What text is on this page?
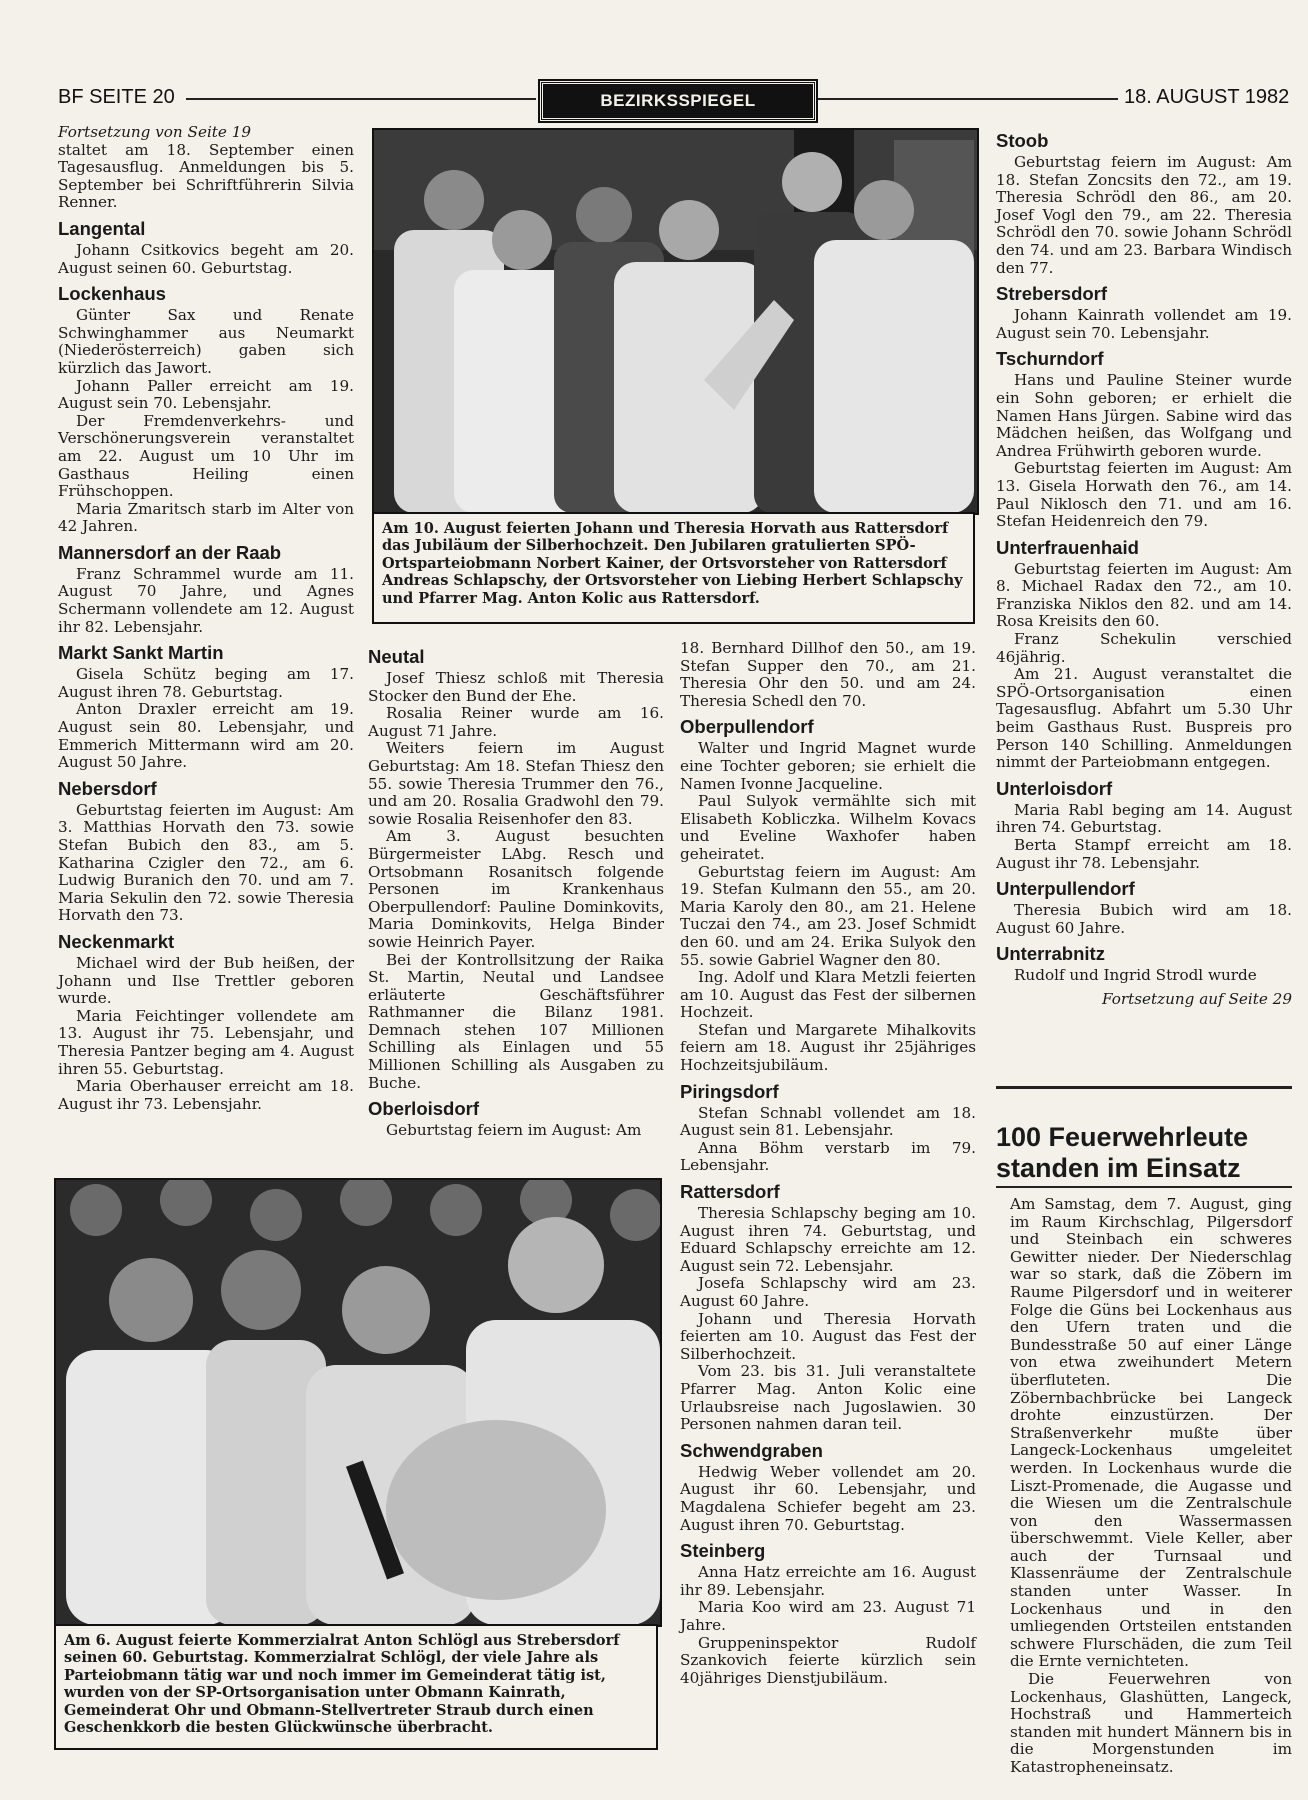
BF SEITE 20	BEZIRKSSPIEGEL	18. AUGUST 1982
Fortsetzung von Seite 19

staltet am 18. September einen Tagesausflug. Anmeldungen bis 5. September bei Schriftführerin Silvia Renner.

Langental

Johann Csitkovics begeht am 20. August seinen 60. Geburtstag.

Lockenhaus

Günter Sax und Renate Schwinghammer aus Neumarkt (Niederösterreich) gaben sich kürzlich das Jawort.

Johann Paller erreicht am 19. August sein 70. Lebensjahr.

Der Fremdenverkehrs- und Verschönerungsverein veranstaltet am 22. August um 10 Uhr im Gasthaus Heiling einen Frühschoppen.

Maria Zmaritsch starb im Alter von 42 Jahren.

Mannersdorf an der Raab

Franz Schrammel wurde am 11. August 70 Jahre, und Agnes Schermann vollendete am 12. August ihr 82. Lebensjahr.

Markt Sankt Martin

Gisela Schütz beging am 17. August ihren 78. Geburtstag.

Anton Draxler erreicht am 19. August sein 80. Lebensjahr, und Emmerich Mittermann wird am 20. August 50 Jahre.

Nebersdorf

Geburtstag feierten im August: Am 3. Matthias Horvath den 73. sowie Stefan Bubich den 83., am 5. Katharina Czigler den 72., am 6. Ludwig Buranich den 70. und am 7. Maria Sekulin den 72. sowie Theresia Horvath den 73.

Neckenmarkt

Michael wird der Bub heißen, der Johann und Ilse Trettler geboren wurde.

Maria Feichtinger vollendete am 13. August ihr 75. Lebensjahr, und Theresia Pantzer beging am 4. August ihren 55. Geburtstag.

Maria Oberhauser erreicht am 18. August ihr 73. Lebensjahr.

Am 10. August feierten Johann und Theresia Horvath aus Rattersdorf das Jubiläum der Silberhochzeit. Den Jubilaren gratulierten SPÖ-Ortsparteiobmann Norbert Kainer, der Ortsvorsteher von Rattersdorf Andreas Schlapschy, der Ortsvorsteher von Liebing Herbert Schlapschy und Pfarrer Mag. Anton Kolic aus Rattersdorf.
Neutal

Josef Thiesz schloß mit Theresia Stocker den Bund der Ehe.

Rosalia Reiner wurde am 16. August 71 Jahre.

Weiters feiern im August Geburtstag: Am 18. Stefan Thiesz den 55. sowie Theresia Trummer den 76., und am 20. Rosalia Gradwohl den 79. sowie Rosalia Reisenhofer den 83.

Am 3. August besuchten Bürgermeister LAbg. Resch und Ortsobmann Rosanitsch folgende Personen im Krankenhaus Oberpullendorf: Pauline Dominkovits, Maria Dominkovits, Helga Binder sowie Heinrich Payer.

Bei der Kontrollsitzung der Raika St. Martin, Neutal und Landsee erläuterte Geschäftsführer Rathmanner die Bilanz 1981. Demnach stehen 107 Millionen Schilling als Einlagen und 55 Millionen Schilling als Ausgaben zu Buche.

Oberloisdorf

Geburtstag feiern im August: Am

18. Bernhard Dillhof den 50., am 19. Stefan Supper den 70., am 21. Theresia Ohr den 50. und am 24. Theresia Schedl den 70.

Oberpullendorf

Walter und Ingrid Magnet wurde eine Tochter geboren; sie erhielt die Namen Ivonne Jacqueline.

Paul Sulyok vermählte sich mit Elisabeth Kobliczka. Wilhelm Kovacs und Eveline Waxhofer haben geheiratet.

Geburtstag feiern im August: Am 19. Stefan Kulmann den 55., am 20. Maria Karoly den 80., am 21. Helene Tuczai den 74., am 23. Josef Schmidt den 60. und am 24. Erika Sulyok den 55. sowie Gabriel Wagner den 80.

Ing. Adolf und Klara Metzli feierten am 10. August das Fest der silbernen Hochzeit.

Stefan und Margarete Mihalkovits feiern am 18. August ihr 25jähriges Hochzeitsjubiläum.

Piringsdorf

Stefan Schnabl vollendet am 18. August sein 81. Lebensjahr.

Anna Böhm verstarb im 79. Lebensjahr.

Rattersdorf

Theresia Schlapschy beging am 10. August ihren 74. Geburtstag, und Eduard Schlapschy erreichte am 12. August sein 72. Lebensjahr.

Josefa Schlapschy wird am 23. August 60 Jahre.

Johann und Theresia Horvath feierten am 10. August das Fest der Silberhochzeit.

Vom 23. bis 31. Juli veranstaltete Pfarrer Mag. Anton Kolic eine Urlaubsreise nach Jugoslawien. 30 Personen nahmen daran teil.

Schwendgraben

Hedwig Weber vollendet am 20. August ihr 60. Lebensjahr, und Magdalena Schiefer begeht am 23. August ihren 70. Geburtstag.

Steinberg

Anna Hatz erreichte am 16. August ihr 89. Lebensjahr.

Maria Koo wird am 23. August 71 Jahre.

Gruppeninspektor Rudolf Szankovich feierte kürzlich sein 40jähriges Dienstjubiläum.

Stoob

Geburtstag feiern im August: Am 18. Stefan Zoncsits den 72., am 19. Theresia Schrödl den 86., am 20. Josef Vogl den 79., am 22. Theresia Schrödl den 70. sowie Johann Schrödl den 74. und am 23. Barbara Windisch den 77.

Strebersdorf

Johann Kainrath vollendet am 19. August sein 70. Lebensjahr.

Tschurndorf

Hans und Pauline Steiner wurde ein Sohn geboren; er erhielt die Namen Hans Jürgen. Sabine wird das Mädchen heißen, das Wolfgang und Andrea Frühwirth geboren wurde.

Geburtstag feierten im August: Am 13. Gisela Horwath den 76., am 14. Paul Niklosch den 71. und am 16. Stefan Heidenreich den 79.

Unterfrauenhaid

Geburtstag feierten im August: Am 8. Michael Radax den 72., am 10. Franziska Niklos den 82. und am 14. Rosa Kreisits den 60.

Franz Schekulin verschied 46jährig.

Am 21. August veranstaltet die SPÖ-Ortsorganisation einen Tagesausflug. Abfahrt um 5.30 Uhr beim Gasthaus Rust. Buspreis pro Person 140 Schilling. Anmeldungen nimmt der Parteiobmann entgegen.

Unterloisdorf

Maria Rabl beging am 14. August ihren 74. Geburtstag.

Berta Stampf erreicht am 18. August ihr 78. Lebensjahr.

Unterpullendorf

Theresia Bubich wird am 18. August 60 Jahre.

Unterrabnitz

Rudolf und Ingrid Strodl wurde

Fortsetzung auf Seite 29
100 Feuerwehrleute
standen im Einsatz

Am Samstag, dem 7. August, ging im Raum Kirchschlag, Pilgersdorf und Steinbach ein schweres Gewitter nieder. Der Niederschlag war so stark, daß die Zöbern im Raume Pilgersdorf und in weiterer Folge die Güns bei Lockenhaus aus den Ufern traten und die Bundesstraße 50 auf einer Länge von etwa zweihundert Metern überfluteten. Die Zöbernbachbrücke bei Langeck drohte einzustürzen. Der Straßenverkehr mußte über Langeck-Lockenhaus umgeleitet werden. In Lockenhaus wurde die Liszt-Promenade, die Augasse und die Wiesen um die Zentralschule von den Wassermassen überschwemmt. Viele Keller, aber auch der Turnsaal und Klassenräume der Zentralschule standen unter Wasser. In Lockenhaus und in den umliegenden Ortsteilen entstanden schwere Flurschäden, die zum Teil die Ernte vernichteten.

Die Feuerwehren von Lockenhaus, Glashütten, Langeck, Hochstraß und Hammerteich standen mit hundert Männern bis in die Morgenstunden im Katastropheneinsatz.

Am 6. August feierte Kommerzialrat Anton Schlögl aus Strebersdorf seinen 60. Geburtstag. Kommerzialrat Schlögl, der viele Jahre als Parteiobmann tätig war und noch immer im Gemeinderat tätig ist, wurden von der SP-Ortsorganisation unter Obmann Kainrath, Gemeinderat Ohr und Obmann-Stellvertreter Straub durch einen Geschenkkorb die besten Glückwünsche überbracht.
